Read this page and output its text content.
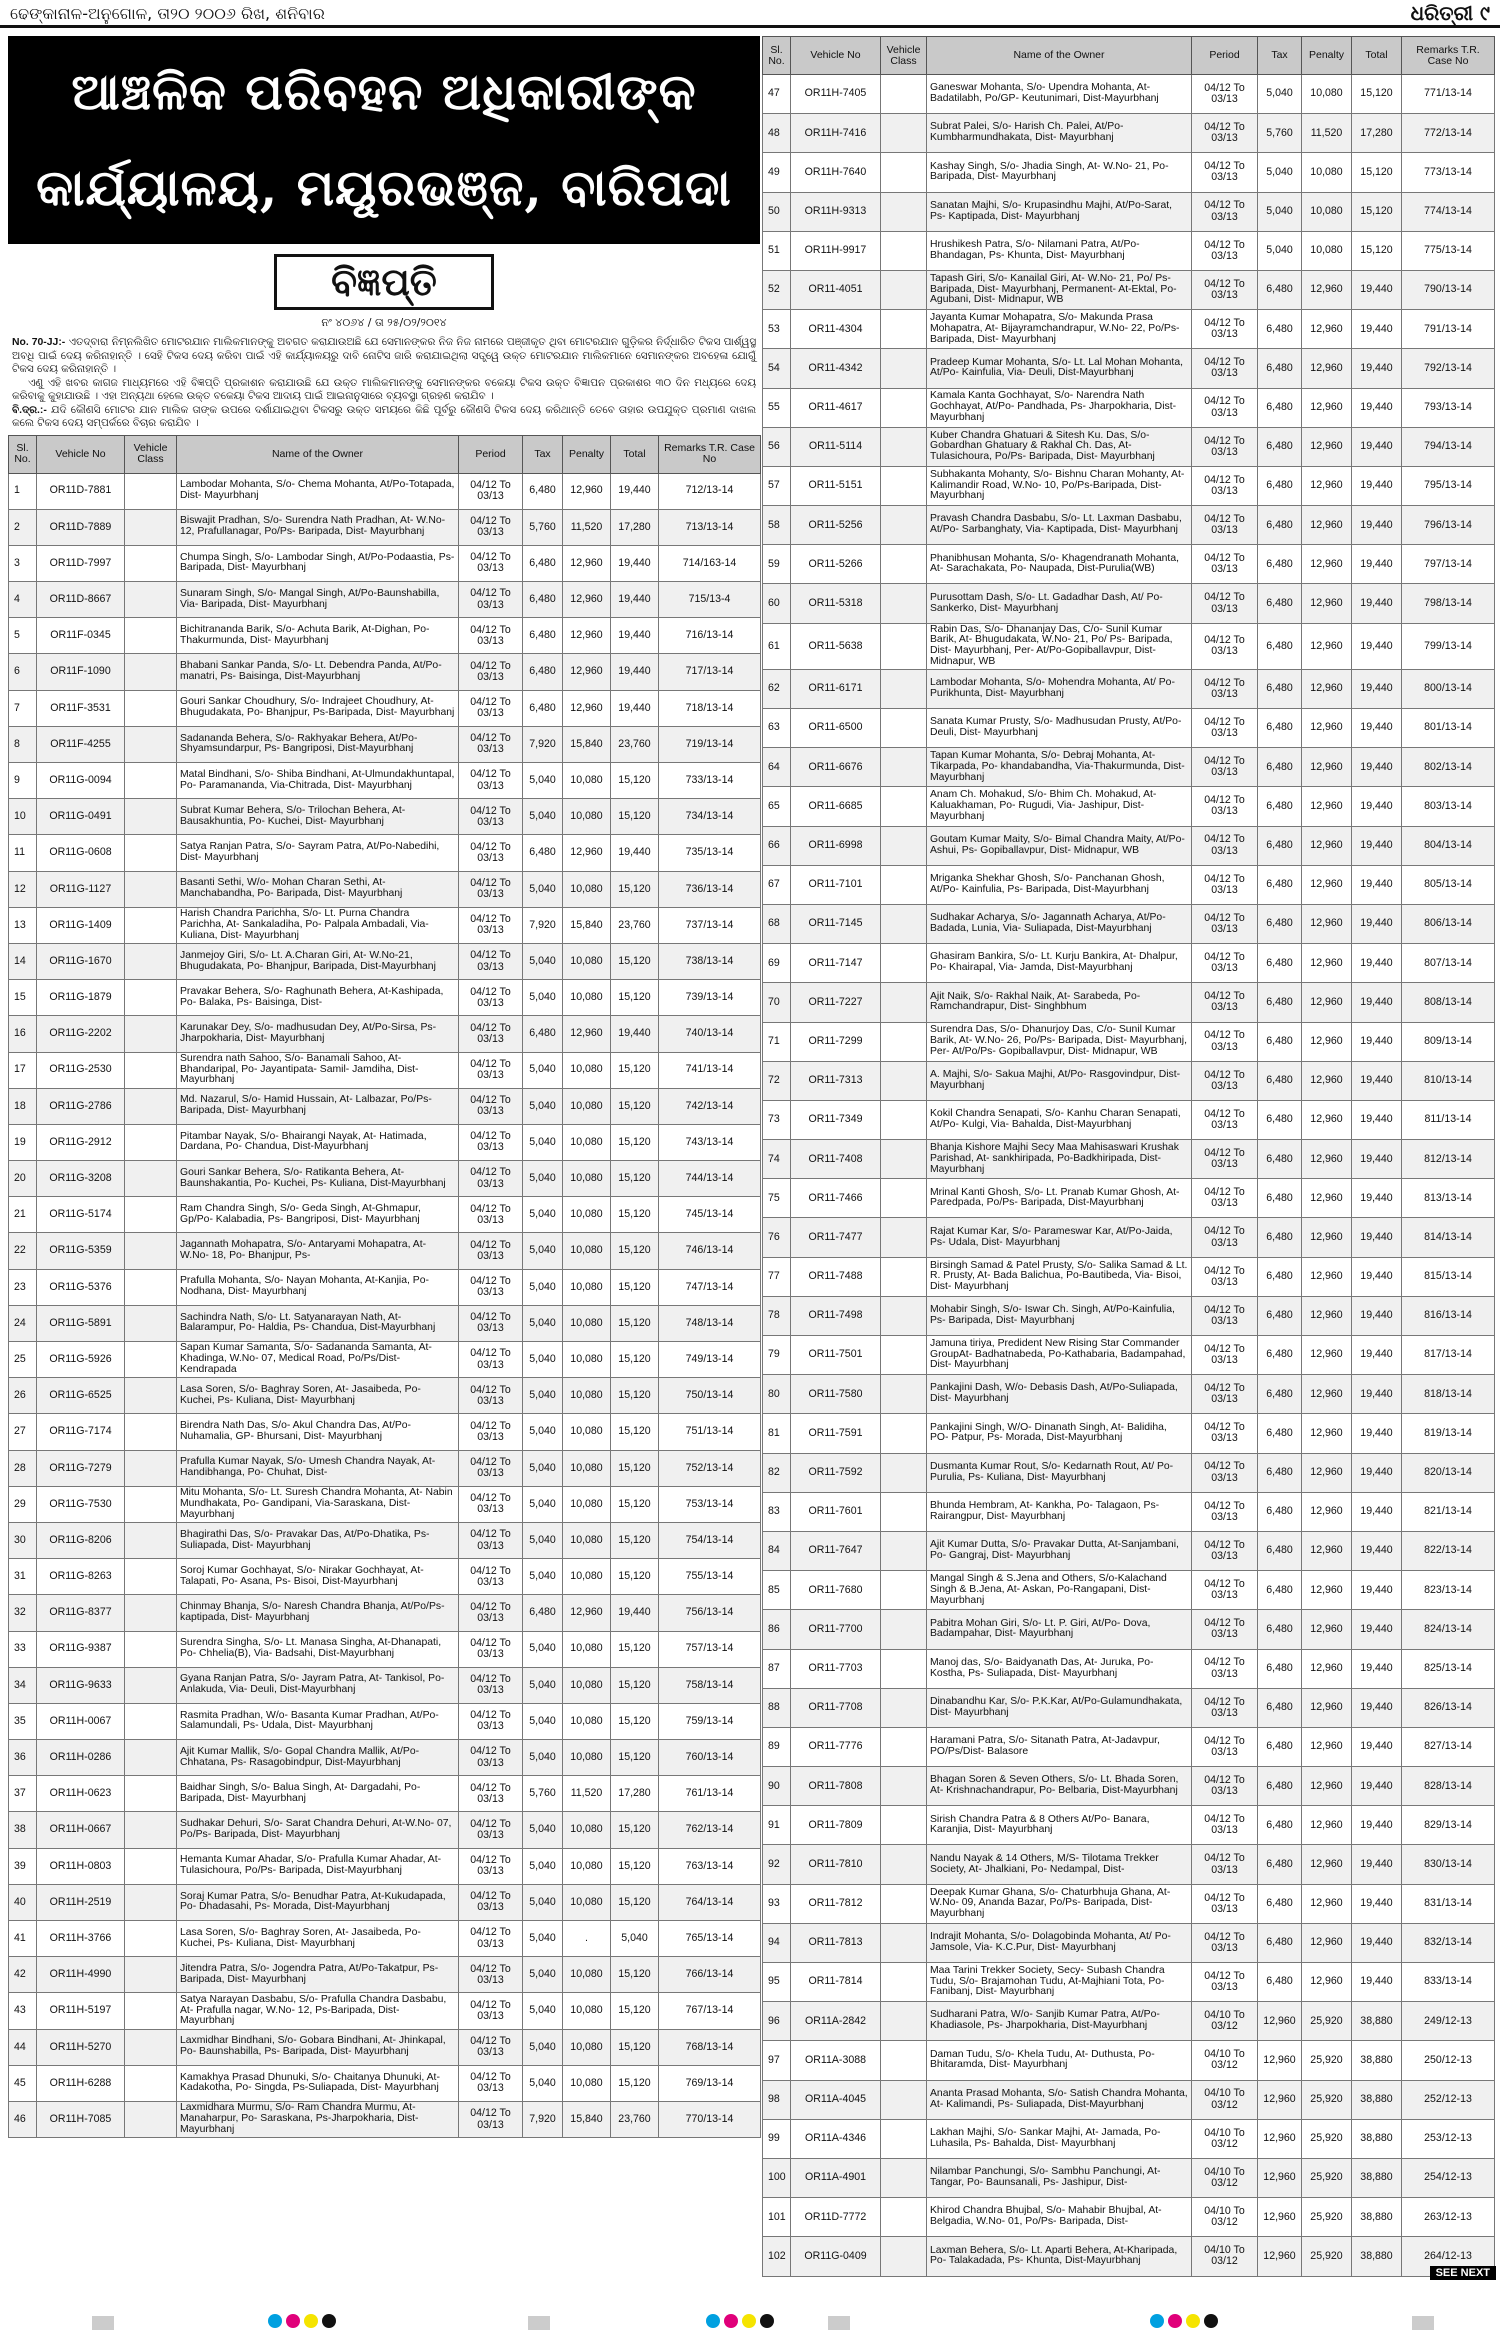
ଢେଙ୍କାନାଳ-ଅନୁଗୋଳ, ତା୨୦ ୨୦୦୬ ରିଖ, ଶନିବାର	ଧରିତ୍ରୀ ୯
ଆଞ୍ଚଳିକ ପରିବହନ ଅଧିକାରୀଙ୍କ
କାର୍ଯ୍ୟାଳୟ, ମୟୂରଭଞ୍ଜ, ବାରିପଦା
ବିଜ୍ଞପ୍ତି
ନଂ ୪୦୬୪ / ତା ୨୫/୦୨/୨୦୧୪

No. 70-JJ:- ଏତଦ୍ବାରା ନିମ୍ନଲିଖିତ ମୋଟରଯାନ ମାଲିକମାନଙ୍କୁ ଅବଗତ କରାଯାଉଅଛି ଯେ ସେମାନଙ୍କର ନିଜ ନିଜ ନାମରେ ପଞ୍ଜୀକୃତ ଥିବା ମୋଟରଯାନ ଗୁଡ଼ିକର ନିର୍ଦ୍ଧାରିତ ଟିକସ ପାର୍ଶ୍ୱସ୍ଥ ଅବଧି ପାଇଁ ଦେୟ କରିନାହାନ୍ତି । ସେହି ଟିକସ ଦେୟ କରିବା ପାଇଁ ଏହି କାର୍ଯ୍ୟାଳୟରୁ ଦାବି ନୋଟିସ ଜାରି କରାଯାଇଥିଲା ସତ୍ତ୍ୱେ ଉକ୍ତ ମୋଟରଯାନ ମାଲିକମାନେ ସେମାନଙ୍କର ଅବହେଳା ଯୋଗୁଁ ଟିକସ ଦେୟ କରିନାହାନ୍ତି ।

ଏଣୁ ଏହି ଖବର କାଗଜ ମାଧ୍ୟମରେ ଏହି ବିଜ୍ଞପ୍ତି ପ୍ରକାଶନ କରାଯାଉଛି ଯେ ଉକ୍ତ ମାଲିକମାନଙ୍କୁ ସେମାନଙ୍କର ବକେୟା ଟିକସ ଉକ୍ତ ବିଜ୍ଞାପନ ପ୍ରକାଶର ୩୦ ଦିନ ମଧ୍ୟରେ ଦେୟ କରିବାକୁ କୁହାଯାଉଛି । ଏହା ଅନ୍ୟଥା ହେଲେ ଉକ୍ତ ବକେୟା ଟିକସ ଆଦାୟ ପାଇଁ ଆଇନାନୁସାରେ ବ୍ୟବସ୍ଥା ଗ୍ରହଣ କରାଯିବ ।

ବି.ଦ୍ର.:- ଯଦି କୌଣସି ମୋଟର ଯାନ ମାଲିକ ତାଙ୍କ ଉପରେ ଦର୍ଶାଯାଇଥିବା ଟିକସରୁ ଉକ୍ତ ସମୟରେ କିଛି ପୂର୍ବରୁ କୌଣସି ଟିକସ ଦେୟ କରିଥାନ୍ତି ତେବେ ତାହାର ଉପଯୁକ୍ତ ପ୍ରମାଣ ଦାଖଲ କଲେ ଟିକସ ଦେୟ ସମ୍ପର୍କରେ ବିଚାର କରାଯିବ ।

Sl. No.	Vehicle No	Vehicle Class	Name of the Owner	Period	Tax	Penalty	Total	Remarks T.R. Case No
1	OR11D-7881		Lambodar Mohanta, S/o- Chema Mohanta, At/Po-Totapada, Dist- Mayurbhanj	04/12 To 03/13	6,480	12,960	19,440	712/13-14
2	OR11D-7889		Biswajit Pradhan, S/o- Surendra Nath Pradhan, At- W.No- 12, Prafullanagar, Po/Ps- Baripada, Dist- Mayurbhanj	04/12 To 03/13	5,760	11,520	17,280	713/13-14
3	OR11D-7997		Chumpa Singh, S/o- Lambodar Singh, At/Po-Podaastia, Ps- Baripada, Dist- Mayurbhanj	04/12 To 03/13	6,480	12,960	19,440	714/163-14
4	OR11D-8667		Sunaram Singh, S/o- Mangal Singh, At/Po-Baunshabilla, Via- Baripada, Dist- Mayurbhanj	04/12 To 03/13	6,480	12,960	19,440	715/13-4
5	OR11F-0345		Bichitrananda Barik, S/o- Achuta Barik, At-Dighan, Po- Thakurmunda, Dist- Mayurbhanj	04/12 To 03/13	6,480	12,960	19,440	716/13-14
6	OR11F-1090		Bhabani Sankar Panda, S/o- Lt. Debendra Panda, At/Po- manatri, Ps- Baisinga, Dist-Mayurbhanj	04/12 To 03/13	6,480	12,960	19,440	717/13-14
7	OR11F-3531		Gouri Sankar Choudhury, S/o- Indrajeet Choudhury, At- Bhugudakata, Po- Bhanjpur, Ps-Baripada, Dist- Mayurbhanj	04/12 To 03/13	6,480	12,960	19,440	718/13-14
8	OR11F-4255		Sadananda Behera, S/o- Rakhyakar Behera, At/Po- Shyamsundarpur, Ps- Bangriposi, Dist-Mayurbhanj	04/12 To 03/13	7,920	15,840	23,760	719/13-14
9	OR11G-0094		Matal Bindhani, S/o- Shiba Bindhani, At-Ulmundakhuntapal, Po- Paramananda, Via-Chitrada, Dist- Mayurbhanj	04/12 To 03/13	5,040	10,080	15,120	733/13-14
10	OR11G-0491		Subrat Kumar Behera, S/o- Trilochan Behera, At-Bausakhuntia, Po- Kuchei, Dist- Mayurbhanj	04/12 To 03/13	5,040	10,080	15,120	734/13-14
11	OR11G-0608		Satya Ranjan Patra, S/o- Sayram Patra, At/Po-Nabedihi, Dist- Mayurbhanj	04/12 To 03/13	6,480	12,960	19,440	735/13-14
12	OR11G-1127		Basanti Sethi, W/o- Mohan Charan Sethi, At-Manchabandha, Po- Baripada, Dist- Mayurbhanj	04/12 To 03/13	5,040	10,080	15,120	736/13-14
13	OR11G-1409		Harish Chandra Parichha, S/o- Lt. Purna Chandra Parichha, At- Sankaladiha, Po- Palpala Ambadali, Via- Kuliana, Dist- Mayurbhanj	04/12 To 03/13	7,920	15,840	23,760	737/13-14
14	OR11G-1670		Janmejoy Giri, S/o- Lt. A.Charan Giri, At- W.No-21, Bhugudakata, Po- Bhanjpur, Baripada, Dist-Mayurbhanj	04/12 To 03/13	5,040	10,080	15,120	738/13-14
15	OR11G-1879		Pravakar Behera, S/o- Raghunath Behera, At-Kashipada, Po- Balaka, Ps- Baisinga, Dist-	04/12 To 03/13	5,040	10,080	15,120	739/13-14
16	OR11G-2202		Karunakar Dey, S/o- madhusudan Dey, At/Po-Sirsa, Ps- Jharpokharia, Dist- Mayurbhanj	04/12 To 03/13	6,480	12,960	19,440	740/13-14
17	OR11G-2530		Surendra nath Sahoo, S/o- Banamali Sahoo, At-Bhandaripal, Po- Jayantipata- Samil- Jamdiha, Dist- Mayurbhanj	04/12 To 03/13	5,040	10,080	15,120	741/13-14
18	OR11G-2786		Md. Nazarul, S/o- Hamid Hussain, At- Lalbazar, Po/Ps- Baripada, Dist- Mayurbhanj	04/12 To 03/13	5,040	10,080	15,120	742/13-14
19	OR11G-2912		Pitambar Nayak, S/o- Bhairangi Nayak, At- Hatimada, Dardana, Po- Chandua, Dist-Mayurbhanj	04/12 To 03/13	5,040	10,080	15,120	743/13-14
20	OR11G-3208		Gouri Sankar Behera, S/o- Ratikanta Behera, At- Baunshakantia, Po- Kuchei, Ps- Kuliana, Dist-Mayurbhanj	04/12 To 03/13	5,040	10,080	15,120	744/13-14
21	OR11G-5174		Ram Chandra Singh, S/o- Geda Singh, At-Ghmapur, Gp/Po- Kalabadia, Ps- Bangriposi, Dist- Mayurbhanj	04/12 To 03/13	5,040	10,080	15,120	745/13-14
22	OR11G-5359		Jagannath Mohapatra, S/o- Antaryami Mohapatra, At- W.No- 18, Po- Bhanjpur, Ps-	04/12 To 03/13	5,040	10,080	15,120	746/13-14
23	OR11G-5376		Prafulla Mohanta, S/o- Nayan Mohanta, At-Kanjia, Po- Nodhana, Dist- Mayurbhanj	04/12 To 03/13	5,040	10,080	15,120	747/13-14
24	OR11G-5891		Sachindra Nath, S/o- Lt. Satyanarayan Nath, At- Balarampur, Po- Haldia, Ps- Chandua, Dist-Mayurbhanj	04/12 To 03/13	5,040	10,080	15,120	748/13-14
25	OR11G-5926		Sapan Kumar Samanta, S/o- Sadananda Samanta, At- Khadinga, W.No- 07, Medical Road, Po/Ps/Dist- Kendrapada	04/12 To 03/13	5,040	10,080	15,120	749/13-14
26	OR11G-6525		Lasa Soren, S/o- Baghray Soren, At- Jasaibeda, Po- Kuchei, Ps- Kuliana, Dist- Mayurbhanj	04/12 To 03/13	5,040	10,080	15,120	750/13-14
27	OR11G-7174		Birendra Nath Das, S/o- Akul Chandra Das, At/Po- Nuhamalia, GP- Bhursani, Dist- Mayurbhanj	04/12 To 03/13	5,040	10,080	15,120	751/13-14
28	OR11G-7279		Prafulla Kumar Nayak, S/o- Umesh Chandra Nayak, At- Handibhanga, Po- Chuhat, Dist-	04/12 To 03/13	5,040	10,080	15,120	752/13-14
29	OR11G-7530		Mitu Mohanta, S/o- Lt. Suresh Chandra Mohanta, At- Nabin Mundhakata, Po- Gandipani, Via-Saraskana, Dist- Mayurbhanj	04/12 To 03/13	5,040	10,080	15,120	753/13-14
30	OR11G-8206		Bhagirathi Das, S/o- Pravakar Das, At/Po-Dhatika, Ps- Suliapada, Dist- Mayurbhanj	04/12 To 03/13	5,040	10,080	15,120	754/13-14
31	OR11G-8263		Soroj Kumar Gochhayat, S/o- Nirakar Gochhayat, At- Talapati, Po- Asana, Ps- Bisoi, Dist-Mayurbhanj	04/12 To 03/13	5,040	10,080	15,120	755/13-14
32	OR11G-8377		Chinmay Bhanja, S/o- Naresh Chandra Bhanja, At/Po/Ps- kaptipada, Dist- Mayurbhanj	04/12 To 03/13	6,480	12,960	19,440	756/13-14
33	OR11G-9387		Surendra Singha, S/o- Lt. Manasa Singha, At-Dhanapati, Po- Chhelia(B), Via- Badsahi, Dist-Mayurbhanj	04/12 To 03/13	5,040	10,080	15,120	757/13-14
34	OR11G-9633		Gyana Ranjan Patra, S/o- Jayram Patra, At- Tankisol, Po- Anlakuda, Via- Deuli, Dist-Mayurbhanj	04/12 To 03/13	5,040	10,080	15,120	758/13-14
35	OR11H-0067		Rasmita Pradhan, W/o- Basanta Kumar Pradhan, At/Po- Salamundali, Ps- Udala, Dist- Mayurbhanj	04/12 To 03/13	5,040	10,080	15,120	759/13-14
36	OR11H-0286		Ajit Kumar Mallik, S/o- Gopal Chandra Mallik, At/Po- Chhatana, Ps- Rasagobindpur, Dist-Mayurbhanj	04/12 To 03/13	5,040	10,080	15,120	760/13-14
37	OR11H-0623		Baidhar Singh, S/o- Balua Singh, At- Dargadahi, Po- Baripada, Dist- Mayurbhanj	04/12 To 03/13	5,760	11,520	17,280	761/13-14
38	OR11H-0667		Sudhakar Dehuri, S/o- Sarat Chandra Dehuri, At-W.No- 07, Po/Ps- Baripada, Dist- Mayurbhanj	04/12 To 03/13	5,040	10,080	15,120	762/13-14
39	OR11H-0803		Hemanta Kumar Ahadar, S/o- Prafulla Kumar Ahadar, At- Tulasichoura, Po/Ps- Baripada, Dist-Mayurbhanj	04/12 To 03/13	5,040	10,080	15,120	763/13-14
40	OR11H-2519		Soraj Kumar Patra, S/o- Benudhar Patra, At-Kukudapada, Po- Dhadasahi, Ps- Morada, Dist-Mayurbhanj	04/12 To 03/13	5,040	10,080	15,120	764/13-14
41	OR11H-3766		Lasa Soren, S/o- Baghray Soren, At- Jasaibeda, Po- Kuchei, Ps- Kuliana, Dist- Mayurbhanj	04/12 To 03/13	5,040	.	5,040	765/13-14
42	OR11H-4990		Jitendra Patra, S/o- Jogendra Patra, At/Po-Takatpur, Ps- Baripada, Dist- Mayurbhanj	04/12 To 03/13	5,040	10,080	15,120	766/13-14
43	OR11H-5197		Satya Narayan Dasbabu, S/o- Prafulla Chandra Dasbabu, At- Prafulla nagar, W.No- 12, Ps-Baripada, Dist- Mayurbhanj	04/12 To 03/13	5,040	10,080	15,120	767/13-14
44	OR11H-5270		Laxmidhar Bindhani, S/o- Gobara Bindhani, At- Jhinkapal, Po- Baunshabilla, Ps- Baripada, Dist- Mayurbhanj	04/12 To 03/13	5,040	10,080	15,120	768/13-14
45	OR11H-6288		Kamakhya Prasad Dhunuki, S/o- Chaitanya Dhunuki, At- Kadakotha, Po- Singda, Ps-Suliapada, Dist- Mayurbhanj	04/12 To 03/13	5,040	10,080	15,120	769/13-14
46	OR11H-7085		Laxmidhara Murmu, S/o- Ram Chandra Murmu, At- Manaharpur, Po- Saraskana, Ps-Jharpokharia, Dist- Mayurbhanj	04/12 To 03/13	7,920	15,840	23,760	770/13-14
Sl. No.	Vehicle No	Vehicle Class	Name of the Owner	Period	Tax	Penalty	Total	Remarks T.R. Case No
47	OR11H-7405		Ganeswar Mohanta, S/o- Upendra Mohanta, At- Badatilabh, Po/GP- Keutunimari, Dist-Mayurbhanj	04/12 To 03/13	5,040	10,080	15,120	771/13-14
48	OR11H-7416		Subrat Palei, S/o- Harish Ch. Palei, At/Po-Kumbharmundhakata, Dist- Mayurbhanj	04/12 To 03/13	5,760	11,520	17,280	772/13-14
49	OR11H-7640		Kashay Singh, S/o- Jhadia Singh, At- W.No- 21, Po- Baripada, Dist- Mayurbhanj	04/12 To 03/13	5,040	10,080	15,120	773/13-14
50	OR11H-9313		Sanatan Majhi, S/o- Krupasindhu Majhi, At/Po-Sarat, Ps- Kaptipada, Dist- Mayurbhanj	04/12 To 03/13	5,040	10,080	15,120	774/13-14
51	OR11H-9917		Hrushikesh Patra, S/o- Nilamani Patra, At/Po-Bhandagan, Ps- Khunta, Dist- Mayurbhanj	04/12 To 03/13	5,040	10,080	15,120	775/13-14
52	OR11-4051		Tapash Giri, S/o- Kanailal Giri, At- W.No- 21, Po/ Ps- Baripada, Dist- Mayurbhanj, Permanent- At-Ektal, Po- Agubani, Dist- Midnapur, WB	04/12 To 03/13	6,480	12,960	19,440	790/13-14
53	OR11-4304		Jayanta Kumar Mohapatra, S/o- Makunda Prasa Mohapatra, At- Bijayramchandrapur, W.No- 22, Po/Ps- Baripada, Dist- Mayurbhanj	04/12 To 03/13	6,480	12,960	19,440	791/13-14
54	OR11-4342		Pradeep Kumar Mohanta, S/o- Lt. Lal Mohan Mohanta, At/Po- Kainfulia, Via- Deuli, Dist-Mayurbhanj	04/12 To 03/13	6,480	12,960	19,440	792/13-14
55	OR11-4617		Kamala Kanta Gochhayat, S/o- Narendra Nath Gochhayat, At/Po- Pandhada, Ps- Jharpokharia, Dist- Mayurbhanj	04/12 To 03/13	6,480	12,960	19,440	793/13-14
56	OR11-5114		Kuber Chandra Ghatuari & Sitesh Ku. Das, S/o- Gobardhan Ghatuary & Rakhal Ch. Das, At-Tulasichoura, Po/Ps- Baripada, Dist- Mayurbhanj	04/12 To 03/13	6,480	12,960	19,440	794/13-14
57	OR11-5151		Subhakanta Mohanty, S/o- Bishnu Charan Mohanty, At- Kalimandir Road, W.No- 10, Po/Ps-Baripada, Dist- Mayurbhanj	04/12 To 03/13	6,480	12,960	19,440	795/13-14
58	OR11-5256		Pravash Chandra Dasbabu, S/o- Lt. Laxman Dasbabu, At/Po- Sarbanghaty, Via- Kaptipada, Dist- Mayurbhanj	04/12 To 03/13	6,480	12,960	19,440	796/13-14
59	OR11-5266		Phanibhusan Mohanta, S/o- Khagendranath Mohanta, At- Sarachakata, Po- Naupada, Dist-Purulia(WB)	04/12 To 03/13	6,480	12,960	19,440	797/13-14
60	OR11-5318		Purusottam Dash, S/o- Lt. Gadadhar Dash, At/ Po- Sankerko, Dist- Mayurbhanj	04/12 To 03/13	6,480	12,960	19,440	798/13-14
61	OR11-5638		Rabin Das, S/o- Dhananjay Das, C/o- Sunil Kumar Barik, At- Bhugudakata, W.No- 21, Po/ Ps- Baripada, Dist- Mayurbhanj, Per- At/Po-Gopiballavpur, Dist- Midnapur, WB	04/12 To 03/13	6,480	12,960	19,440	799/13-14
62	OR11-6171		Lambodar Mohanta, S/o- Mohendra Mohanta, At/ Po- Purikhunta, Dist- Mayurbhanj	04/12 To 03/13	6,480	12,960	19,440	800/13-14
63	OR11-6500		Sanata Kumar Prusty, S/o- Madhusudan Prusty, At/Po- Deuli, Dist- Mayurbhanj	04/12 To 03/13	6,480	12,960	19,440	801/13-14
64	OR11-6676		Tapan Kumar Mohanta, S/o- Debraj Mohanta, At- Tikarpada, Po- khandabandha, Via-Thakurmunda, Dist- Mayurbhanj	04/12 To 03/13	6,480	12,960	19,440	802/13-14
65	OR11-6685		Anam Ch. Mohakud, S/o- Bhim Ch. Mohakud, At- Kaluakhaman, Po- Rugudi, Via- Jashipur, Dist- Mayurbhanj	04/12 To 03/13	6,480	12,960	19,440	803/13-14
66	OR11-6998		Goutam Kumar Maity, S/o- Bimal Chandra Maity, At/Po- Ashui, Ps- Gopiballavpur, Dist- Midnapur, WB	04/12 To 03/13	6,480	12,960	19,440	804/13-14
67	OR11-7101		Mriganka Shekhar Ghosh, S/o- Panchanan Ghosh, At/Po- Kainfulia, Ps- Baripada, Dist-Mayurbhanj	04/12 To 03/13	6,480	12,960	19,440	805/13-14
68	OR11-7145		Sudhakar Acharya, S/o- Jagannath Acharya, At/Po- Badada, Lunia, Via- Suliapada, Dist-Mayurbhanj	04/12 To 03/13	6,480	12,960	19,440	806/13-14
69	OR11-7147		Ghasiram Bankira, S/o- Lt. Kurju Bankira, At- Dhalpur, Po- Khairapal, Via- Jamda, Dist-Mayurbhanj	04/12 To 03/13	6,480	12,960	19,440	807/13-14
70	OR11-7227		Ajit Naik, S/o- Rakhal Naik, At- Sarabeda, Po-Ramchandrapur, Dist- Singhbhum	04/12 To 03/13	6,480	12,960	19,440	808/13-14
71	OR11-7299		Surendra Das, S/o- Dhanurjoy Das, C/o- Sunil Kumar Barik, At- W.No- 26, Po/Ps- Baripada, Dist- Mayurbhanj, Per- At/Po/Ps- Gopiballavpur, Dist- Midnapur, WB	04/12 To 03/13	6,480	12,960	19,440	809/13-14
72	OR11-7313		A. Majhi, S/o- Sakua Majhi, At/Po- Rasgovindpur, Dist- Mayurbhanj	04/12 To 03/13	6,480	12,960	19,440	810/13-14
73	OR11-7349		Kokil Chandra Senapati, S/o- Kanhu Charan Senapati, At/Po- Kulgi, Via- Bahalda, Dist-Mayurbhanj	04/12 To 03/13	6,480	12,960	19,440	811/13-14
74	OR11-7408		Bhanja Kishore Majhi Secy Maa Mahisaswari Krushak Parishad, At- sankhiripada, Po-Badkhiripada, Dist- Mayurbhanj	04/12 To 03/13	6,480	12,960	19,440	812/13-14
75	OR11-7466		Mrinal Kanti Ghosh, S/o- Lt. Pranab Kumar Ghosh, At- Paredpada, Po/Ps- Baripada, Dist-Mayurbhanj	04/12 To 03/13	6,480	12,960	19,440	813/13-14
76	OR11-7477		Rajat Kumar Kar, S/o- Parameswar Kar, At/Po-Jaida, Ps- Udala, Dist- Mayurbhanj	04/12 To 03/13	6,480	12,960	19,440	814/13-14
77	OR11-7488		Birsingh Samad & Patel Prusty, S/o- Salika Samad & Lt. R. Prusty, At- Bada Balichua, Po-Bautibeda, Via- Bisoi, Dist- Mayurbhanj	04/12 To 03/13	6,480	12,960	19,440	815/13-14
78	OR11-7498		Mohabir Singh, S/o- Iswar Ch. Singh, At/Po-Kainfulia, Ps- Baripada, Dist- Mayurbhanj	04/12 To 03/13	6,480	12,960	19,440	816/13-14
79	OR11-7501		Jamuna tiriya, Predident New Rising Star Commander GroupAt- Badhatnabeda, Po-Kathabaria, Badampahad, Dist- Mayurbhanj	04/12 To 03/13	6,480	12,960	19,440	817/13-14
80	OR11-7580		Pankajini Dash, W/o- Debasis Dash, At/Po-Suliapada, Dist- Mayurbhanj	04/12 To 03/13	6,480	12,960	19,440	818/13-14
81	OR11-7591		Pankajini Singh, W/O- Dinanath Singh, At- Balidiha, PO- Patpur, Ps- Morada, Dist-Mayurbhanj	04/12 To 03/13	6,480	12,960	19,440	819/13-14
82	OR11-7592		Dusmanta Kumar Rout, S/o- Kedarnath Rout, At/ Po- Purulia, Ps- Kuliana, Dist- Mayurbhanj	04/12 To 03/13	6,480	12,960	19,440	820/13-14
83	OR11-7601		Bhunda Hembram, At- Kankha, Po- Talagaon, Ps- Rairangpur, Dist- Mayurbhanj	04/12 To 03/13	6,480	12,960	19,440	821/13-14
84	OR11-7647		Ajit Kumar Dutta, S/o- Pravakar Dutta, At-Sanjambani, Po- Gangraj, Dist- Mayurbhanj	04/12 To 03/13	6,480	12,960	19,440	822/13-14
85	OR11-7680		Mangal Singh & S.Jena and Others, S/o-Kalachand Singh & B.Jena, At- Askan, Po-Rangapani, Dist- Mayurbhanj	04/12 To 03/13	6,480	12,960	19,440	823/13-14
86	OR11-7700		Pabitra Mohan Giri, S/o- Lt. P. Giri, At/Po- Dova, Badampahar, Dist- Mayurbhanj	04/12 To 03/13	6,480	12,960	19,440	824/13-14
87	OR11-7703		Manoj das, S/o- Baidyanath Das, At- Juruka, Po-Kostha, Ps- Suliapada, Dist- Mayurbhanj	04/12 To 03/13	6,480	12,960	19,440	825/13-14
88	OR11-7708		Dinabandhu Kar, S/o- P.K.Kar, At/Po-Gulamundhakata, Dist- Mayurbhanj	04/12 To 03/13	6,480	12,960	19,440	826/13-14
89	OR11-7776		Haramani Patra, S/o- Sitanath Patra, At-Jadavpur, PO/Ps/Dist- Balasore	04/12 To 03/13	6,480	12,960	19,440	827/13-14
90	OR11-7808		Bhagan Soren & Seven Others, S/o- Lt. Bhada Soren, At- Krishnachandrapur, Po- Belbaria, Dist-Mayurbhanj	04/12 To 03/13	6,480	12,960	19,440	828/13-14
91	OR11-7809		Sirish Chandra Patra & 8 Others At/Po- Banara, Karanjia, Dist- Mayurbhanj	04/12 To 03/13	6,480	12,960	19,440	829/13-14
92	OR11-7810		Nandu Nayak & 14 Others, M/S- Tilotama Trekker Society, At- Jhalkiani, Po- Nedampal, Dist-	04/12 To 03/13	6,480	12,960	19,440	830/13-14
93	OR11-7812		Deepak Kumar Ghana, S/o- Chaturbhuja Ghana, At- W.No- 09, Ananda Bazar, Po/Ps- Baripada, Dist- Mayurbhanj	04/12 To 03/13	6,480	12,960	19,440	831/13-14
94	OR11-7813		Indrajit Mohanta, S/o- Dolagobinda Mohanta, At/ Po- Jamsole, Via- K.C.Pur, Dist- Mayurbhanj	04/12 To 03/13	6,480	12,960	19,440	832/13-14
95	OR11-7814		Maa Tarini Trekker Society, Secy- Subash Chandra Tudu, S/o- Brajamohan Tudu, At-Majhiani Tota, Po- Fanibanj, Dist- Mayurbhanj	04/12 To 03/13	6,480	12,960	19,440	833/13-14
96	OR11A-2842		Sudharani Patra, W/o- Sanjib Kumar Patra, At/Po- Khadiasole, Ps- Jharpokharia, Dist-Mayurbhanj	04/10 To 03/12	12,960	25,920	38,880	249/12-13
97	OR11A-3088		Daman Tudu, S/o- Khela Tudu, At- Duthusta, Po-Bhitaramda, Dist- Mayurbhanj	04/10 To 03/12	12,960	25,920	38,880	250/12-13
98	OR11A-4045		Ananta Prasad Mohanta, S/o- Satish Chandra Mohanta, At- Kalimandi, Ps- Suliapada, Dist-Mayurbhanj	04/10 To 03/12	12,960	25,920	38,880	252/12-13
99	OR11A-4346		Lakhan Majhi, S/o- Sankar Majhi, At- Jamada, Po- Luhasila, Ps- Bahalda, Dist- Mayurbhanj	04/10 To 03/12	12,960	25,920	38,880	253/12-13
100	OR11A-4901		Nilambar Panchungi, S/o- Sambhu Panchungi, At- Tangar, Po- Baunsanali, Ps- Jashipur, Dist-	04/10 To 03/12	12,960	25,920	38,880	254/12-13
101	OR11D-7772		Khirod Chandra Bhujbal, S/o- Mahabir Bhujbal, At- Belgadia, W.No- 01, Po/Ps- Baripada, Dist-	04/10 To 03/12	12,960	25,920	38,880	263/12-13
102	OR11G-0409		Laxman Behera, S/o- Lt. Aparti Behera, At-Kharipada, Po- Talakadada, Ps- Khunta, Dist-Mayurbhanj	04/10 To 03/12	12,960	25,920	38,880	264/12-13
SEE NEXT
